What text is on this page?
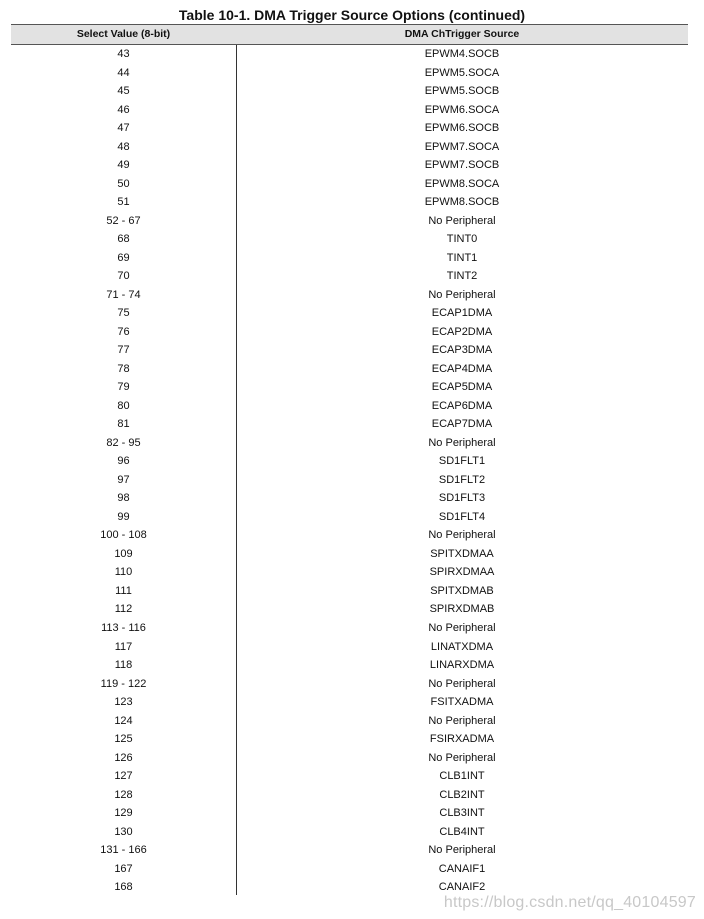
Table 10-1. DMA Trigger Source Options (continued)
Select Value (8-bit)	DMA ChTrigger Source
43	EPWM4.SOCB
44	EPWM5.SOCA
45	EPWM5.SOCB
46	EPWM6.SOCA
47	EPWM6.SOCB
48	EPWM7.SOCA
49	EPWM7.SOCB
50	EPWM8.SOCA
51	EPWM8.SOCB
52 - 67	No Peripheral
68	TINT0
69	TINT1
70	TINT2
71 - 74	No Peripheral
75	ECAP1DMA
76	ECAP2DMA
77	ECAP3DMA
78	ECAP4DMA
79	ECAP5DMA
80	ECAP6DMA
81	ECAP7DMA
82 - 95	No Peripheral
96	SD1FLT1
97	SD1FLT2
98	SD1FLT3
99	SD1FLT4
100 - 108	No Peripheral
109	SPITXDMAA
110	SPIRXDMAA
111	SPITXDMAB
112	SPIRXDMAB
113 - 116	No Peripheral
117	LINATXDMA
118	LINARXDMA
119 - 122	No Peripheral
123	FSITXADMA
124	No Peripheral
125	FSIRXADMA
126	No Peripheral
127	CLB1INT
128	CLB2INT
129	CLB3INT
130	CLB4INT
131 - 166	No Peripheral
167	CANAIF1
168	CANAIF2
https://blog.csdn.net/qq_40104597
